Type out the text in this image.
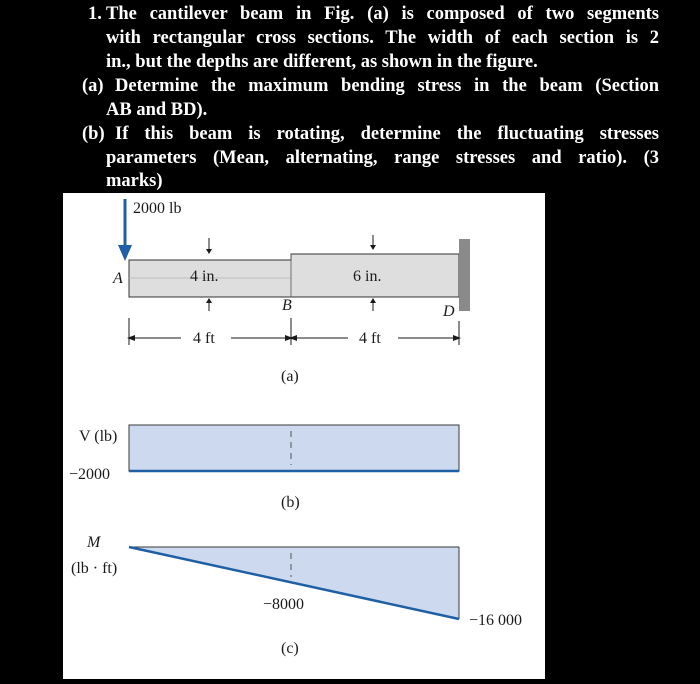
1. The cantilever beam in Fig. (a) is composed of two segments
with rectangular cross sections. The width of each section is 2
in., but the depths are different, as shown in the figure.
(a) Determine the maximum bending stress in the beam (Section
AB and BD).
(b) If this beam is rotating, determine the fluctuating stresses
parameters (Mean, alternating, range stresses and ratio). (3
marks)
2000 lb
A
B	D
4 in.	6 in.
4 ft	4 ft
(a)
V (lb)
−2000
(b)
M
(lb · ft)
−8000
−16 000
(c)
